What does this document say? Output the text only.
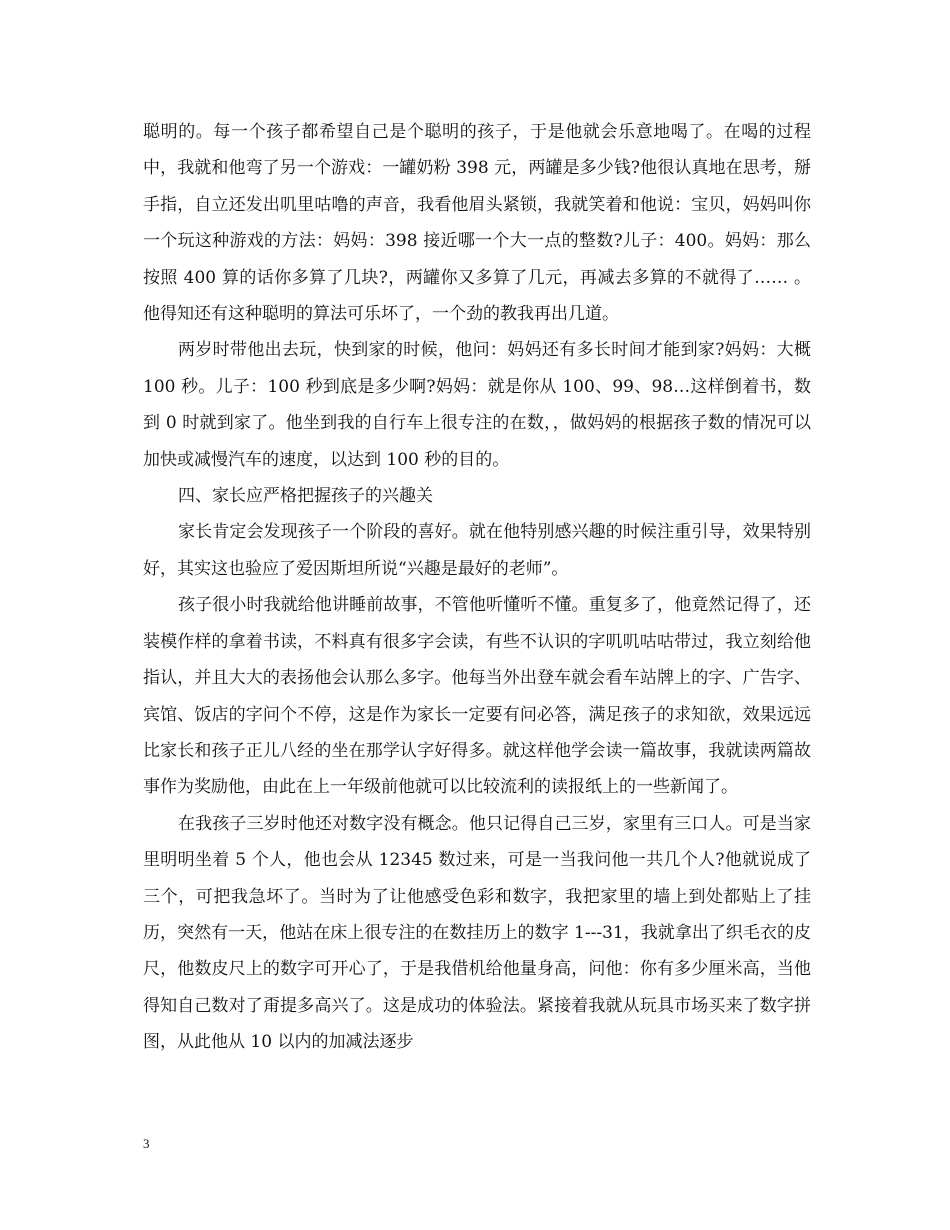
聪明的。每一个孩子都希望自己是个聪明的孩子，于是他就会乐意地喝了。在喝的过程中，我就和他弯了另一个游戏：一罐奶粉 398 元，两罐是多少钱?他很认真地在思考，掰手指，自立还发出叽里咕噜的声音，我看他眉头紧锁，我就笑着和他说：宝贝，妈妈叫你一个玩这种游戏的方法：妈妈：398 接近哪一个大一点的整数?儿子：400。妈妈：那么按照 400 算的话你多算了几块?，两罐你又多算了几元，再减去多算的不就得了…… 。他得知还有这种聪明的算法可乐坏了，一个劲的教我再出几道。

两岁时带他出去玩，快到家的时候，他问：妈妈还有多长时间才能到家?妈妈：大概 100 秒。儿子：100 秒到底是多少啊?妈妈：就是你从 100、99、98…这样倒着书，数到 0 时就到家了。他坐到我的自行车上很专注的在数，，做妈妈的根据孩子数的情况可以加快或减慢汽车的速度，以达到 100 秒的目的。

四、家长应严格把握孩子的兴趣关

家长肯定会发现孩子一个阶段的喜好。就在他特别感兴趣的时候注重引导，效果特别好，其实这也验应了爱因斯坦所说“兴趣是最好的老师”。

孩子很小时我就给他讲睡前故事，不管他听懂听不懂。重复多了，他竟然记得了，还装模作样的拿着书读，不料真有很多字会读，有些不认识的字叽叽咕咕带过，我立刻给他指认，并且大大的表扬他会认那么多字。他每当外出登车就会看车站牌上的字、广告字、宾馆、饭店的字问个不停，这是作为家长一定要有问必答，满足孩子的求知欲，效果远远比家长和孩子正儿八经的坐在那学认字好得多。就这样他学会读一篇故事，我就读两篇故事作为奖励他，由此在上一年级前他就可以比较流利的读报纸上的一些新闻了。

在我孩子三岁时他还对数字没有概念。他只记得自己三岁，家里有三口人。可是当家里明明坐着 5 个人，他也会从 12345 数过来，可是一当我问他一共几个人?他就说成了三个，可把我急坏了。当时为了让他感受色彩和数字，我把家里的墙上到处都贴上了挂历，突然有一天，他站在床上很专注的在数挂历上的数字 1---31，我就拿出了织毛衣的皮尺，他数皮尺上的数字可开心了，于是我借机给他量身高，问他：你有多少厘米高，当他得知自己数对了甭提多高兴了。这是成功的体验法。紧接着我就从玩具市场买来了数字拼图，从此他从 10 以内的加减法逐步

3
